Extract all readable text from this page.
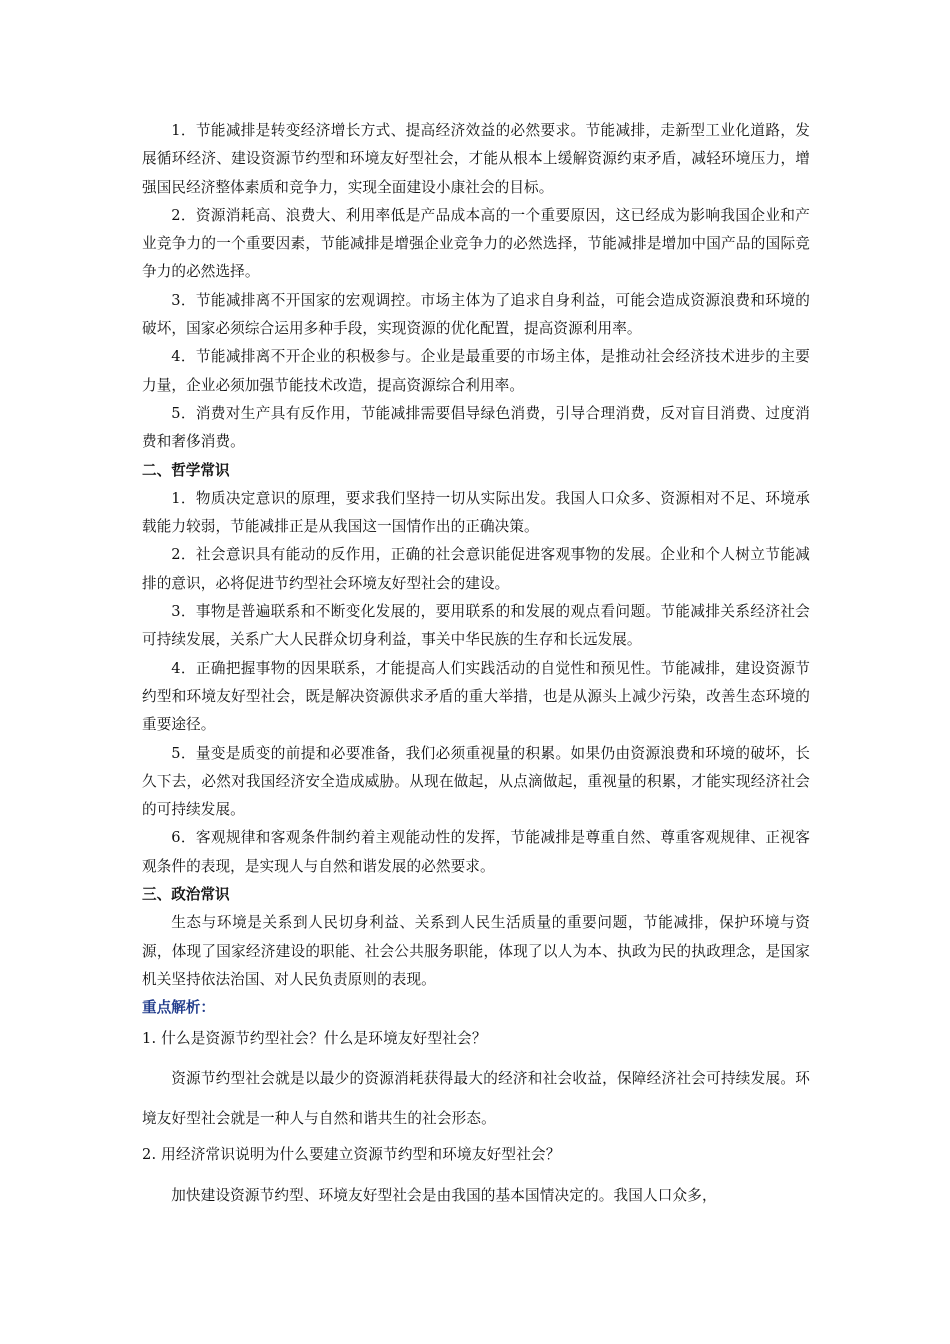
1．节能减排是转变经济增长方式、提高经济效益的必然要求。节能减排，走新型工业化道路，发展循环经济、建设资源节约型和环境友好型社会，才能从根本上缓解资源约束矛盾，减轻环境压力，增强国民经济整体素质和竞争力，实现全面建设小康社会的目标。

2．资源消耗高、浪费大、利用率低是产品成本高的一个重要原因，这已经成为影响我国企业和产业竞争力的一个重要因素，节能减排是增强企业竞争力的必然选择，节能减排是增加中国产品的国际竞争力的必然选择。

3．节能减排离不开国家的宏观调控。市场主体为了追求自身利益，可能会造成资源浪费和环境的破坏，国家必须综合运用多种手段，实现资源的优化配置，提高资源利用率。

4．节能减排离不开企业的积极参与。企业是最重要的市场主体，是推动社会经济技术进步的主要力量，企业必须加强节能技术改造，提高资源综合利用率。

5．消费对生产具有反作用，节能减排需要倡导绿色消费，引导合理消费，反对盲目消费、过度消费和奢侈消费。

二、哲学常识

1．物质决定意识的原理，要求我们坚持一切从实际出发。我国人口众多、资源相对不足、环境承载能力较弱，节能减排正是从我国这一国情作出的正确决策。

2．社会意识具有能动的反作用，正确的社会意识能促进客观事物的发展。企业和个人树立节能减排的意识，必将促进节约型社会环境友好型社会的建设。

3．事物是普遍联系和不断变化发展的，要用联系的和发展的观点看问题。节能减排关系经济社会可持续发展，关系广大人民群众切身利益，事关中华民族的生存和长远发展。

4．正确把握事物的因果联系，才能提高人们实践活动的自觉性和预见性。节能减排，建设资源节约型和环境友好型社会，既是解决资源供求矛盾的重大举措，也是从源头上减少污染，改善生态环境的重要途径。

5．量变是质变的前提和必要准备，我们必须重视量的积累。如果仍由资源浪费和环境的破坏，长久下去，必然对我国经济安全造成威胁。从现在做起，从点滴做起，重视量的积累，才能实现经济社会的可持续发展。

6．客观规律和客观条件制约着主观能动性的发挥，节能减排是尊重自然、尊重客观规律、正视客观条件的表现，是实现人与自然和谐发展的必然要求。

三、政治常识

生态与环境是关系到人民切身利益、关系到人民生活质量的重要问题，节能减排，保护环境与资源，体现了国家经济建设的职能、社会公共服务职能，体现了以人为本、执政为民的执政理念，是国家机关坚持依法治国、对人民负责原则的表现。

重点解析：

1. 什么是资源节约型社会？什么是环境友好型社会？

资源节约型社会就是以最少的资源消耗获得最大的经济和社会收益，保障经济社会可持续发展。环境友好型社会就是一种人与自然和谐共生的社会形态。

2. 用经济常识说明为什么要建立资源节约型和环境友好型社会？

加快建设资源节约型、环境友好型社会是由我国的基本国情决定的。我国人口众多，
